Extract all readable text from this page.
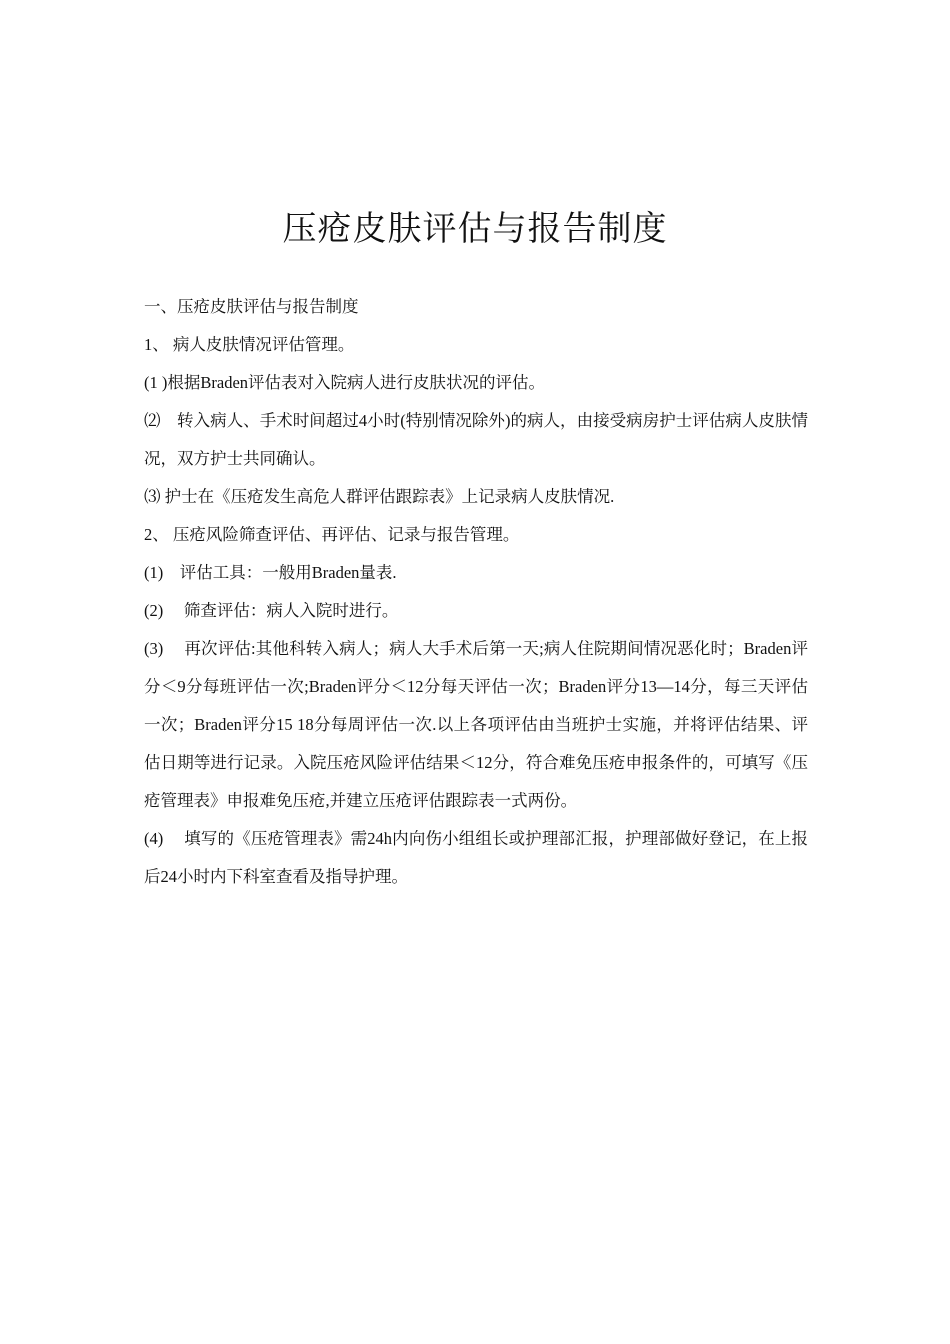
压疮皮肤评估与报告制度

一、压疮皮肤评估与报告制度

1、 病人皮肤情况评估管理。

(1 )根据Braden评估表对入院病人进行皮肤状况的评估。

⑵　转入病人、手术时间超过4小时(特别情况除外)的病人，由接受病房护士评估病人皮肤情况，双方护士共同确认。

⑶ 护士在《压疮发生高危人群评估跟踪表》上记录病人皮肤情况.

2、 压疮风险筛查评估、再评估、记录与报告管理。

(1)　评估工具：一般用Braden量表.

(2)　 筛查评估：病人入院时进行。

(3)　 再次评估:其他科转入病人；病人大手术后第一天;病人住院期间情况恶化时；Braden评分＜9分每班评估一次;Braden评分＜12分每天评估一次；Braden评分13—14分，每三天评估一次；Braden评分15 18分每周评估一次.以上各项评估由当班护士实施，并将评估结果、评估日期等进行记录。入院压疮风险评估结果＜12分，符合难免压疮申报条件的，可填写《压疮管理表》申报难免压疮,并建立压疮评估跟踪表一式两份。

(4)　 填写的《压疮管理表》需24h内向伤小组组长或护理部汇报，护理部做好登记，在上报后24小时内下科室查看及指导护理。
